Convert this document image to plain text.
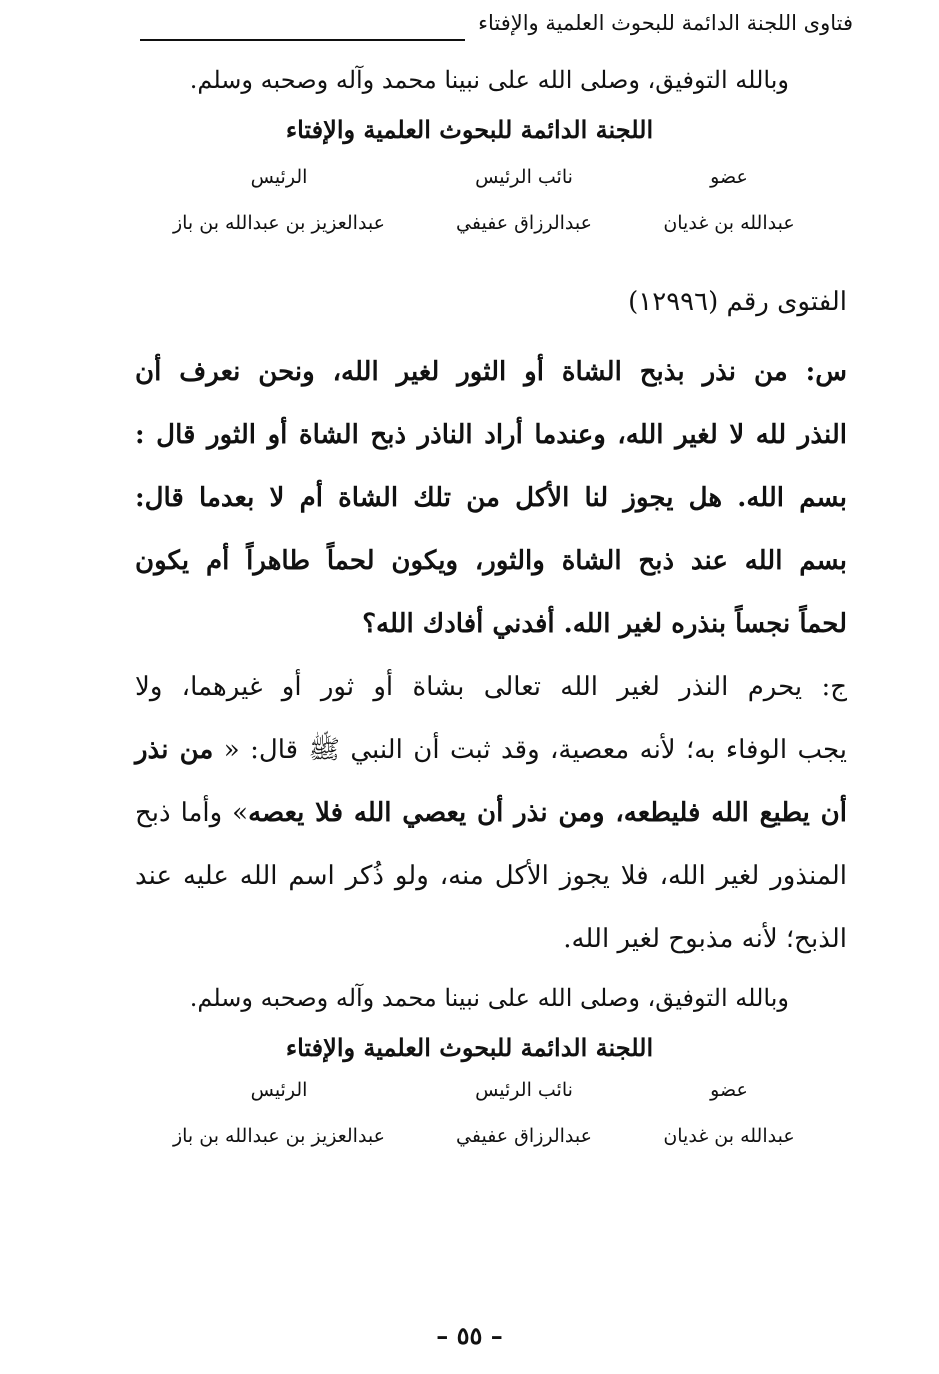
فتاوى اللجنة الدائمة للبحوث العلمية والإفتاء
وبالله التوفيق، وصلى الله على نبينا محمد وآله وصحبه وسلم.
اللجنة الدائمة للبحوث العلمية والإفتاء
عضو
عبدالله بن غديان
نائب الرئيس
عبدالرزاق عفيفي
الرئيس
عبدالعزيز بن عبدالله بن باز
الفتوى رقم (١٢٩٩٦)
س: من نذر بذبح الشاة أو الثور لغير الله، ونحن نعرف أن
النذر لله لا لغير الله، وعندما أراد الناذر ذبح الشاة أو الثور قال :
بسم الله. هل يجوز لنا الأكل من تلك الشاة أم لا بعدما قال:
بسم الله عند ذبح الشاة والثور، ويكون لحماً طاهراً أم يكون
لحماً نجساً بنذره لغير الله. أفدني أفادك الله؟
ج: يحرم النذر لغير الله تعالى بشاة أو ثور أو غيرهما، ولا
يجب الوفاء به؛ لأنه معصية، وقد ثبت أن النبي ﷺ قال: « من نذر
أن يطيع الله فليطعه، ومن نذر أن يعصي الله فلا يعصه» وأما ذبح
المنذور لغير الله، فلا يجوز الأكل منه، ولو ذُكر اسم الله عليه عند
الذبح؛ لأنه مذبوح لغير الله.
وبالله التوفيق، وصلى الله على نبينا محمد وآله وصحبه وسلم.
اللجنة الدائمة للبحوث العلمية والإفتاء
عضو
عبدالله بن غديان
نائب الرئيس
عبدالرزاق عفيفي
الرئيس
عبدالعزيز بن عبدالله بن باز
– ٥٥ –
